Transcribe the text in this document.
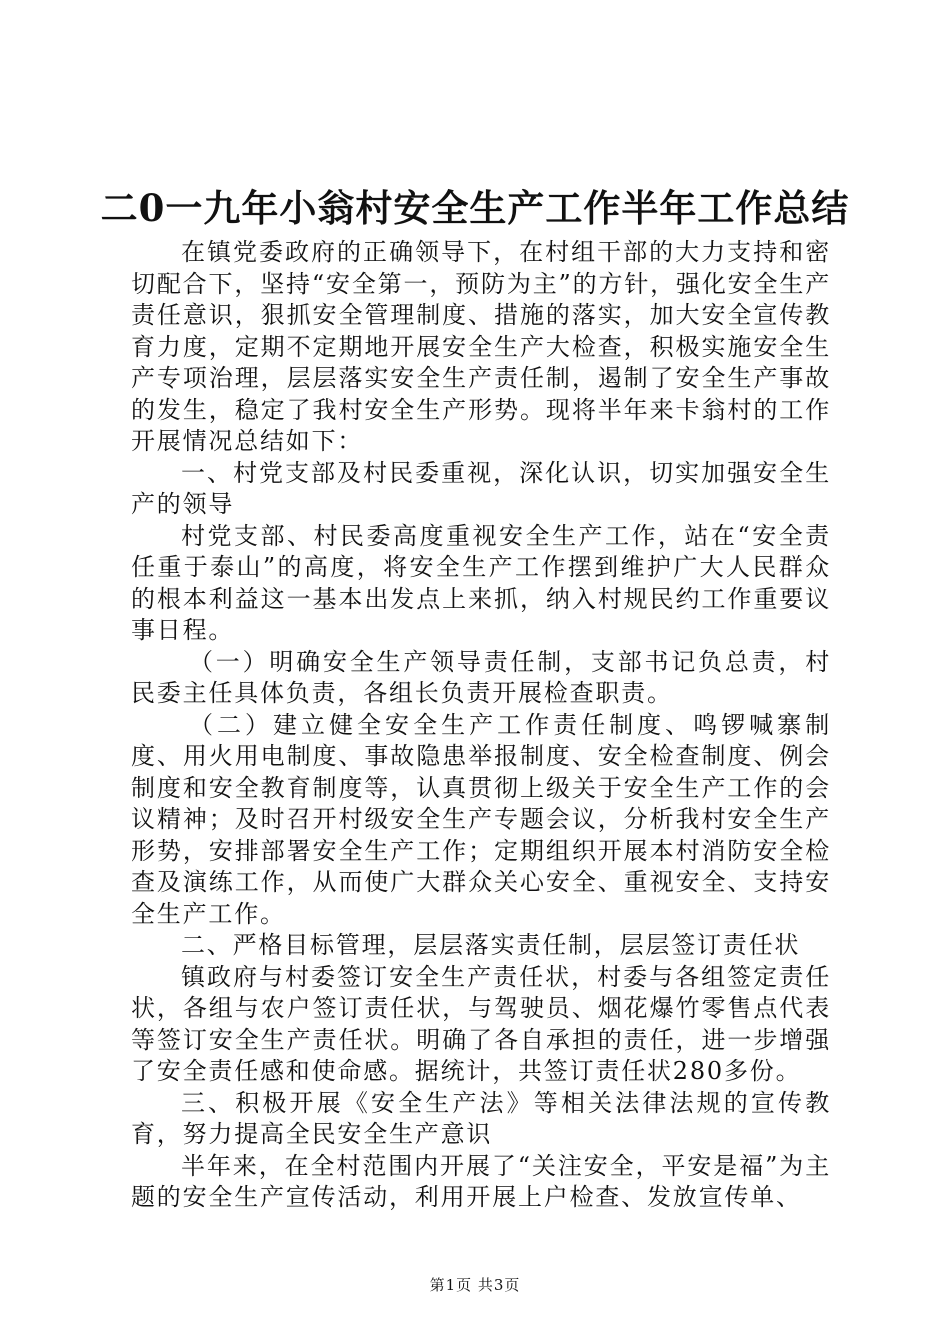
二0一九年小翁村安全生产工作半年工作总结

在镇党委政府的正确领导下，在村组干部的大力支持和密切配合下，坚持“安全第一，预防为主”的方针，强化安全生产责任意识，狠抓安全管理制度、措施的落实，加大安全宣传教育力度，定期不定期地开展安全生产大检查，积极实施安全生产专项治理，层层落实安全生产责任制，遏制了安全生产事故的发生，稳定了我村安全生产形势。现将半年来卡翁村的工作开展情况总结如下：

一、村党支部及村民委重视，深化认识，切实加强安全生产的领导

村党支部、村民委高度重视安全生产工作，站在“安全责任重于泰山”的高度，将安全生产工作摆到维护广大人民群众的根本利益这一基本出发点上来抓，纳入村规民约工作重要议事日程。

（一）明确安全生产领导责任制，支部书记负总责，村民委主任具体负责，各组长负责开展检查职责。

（二）建立健全安全生产工作责任制度、鸣锣喊寨制度、用火用电制度、事故隐患举报制度、安全检查制度、例会制度和安全教育制度等，认真贯彻上级关于安全生产工作的会议精神；及时召开村级安全生产专题会议，分析我村安全生产形势，安排部署安全生产工作；定期组织开展本村消防安全检查及演练工作，从而使广大群众关心安全、重视安全、支持安全生产工作。

二、严格目标管理，层层落实责任制，层层签订责任状

镇政府与村委签订安全生产责任状，村委与各组签定责任状，各组与农户签订责任状，与驾驶员、烟花爆竹零售点代表等签订安全生产责任状。明确了各自承担的责任，进一步增强了安全责任感和使命感。据统计，共签订责任状280多份。

三、积极开展《安全生产法》等相关法律法规的宣传教育，努力提高全民安全生产意识

半年来，在全村范围内开展了“关注安全，平安是福”为主题的安全生产宣传活动，利用开展上户检查、发放宣传单、

第1页 共3页
